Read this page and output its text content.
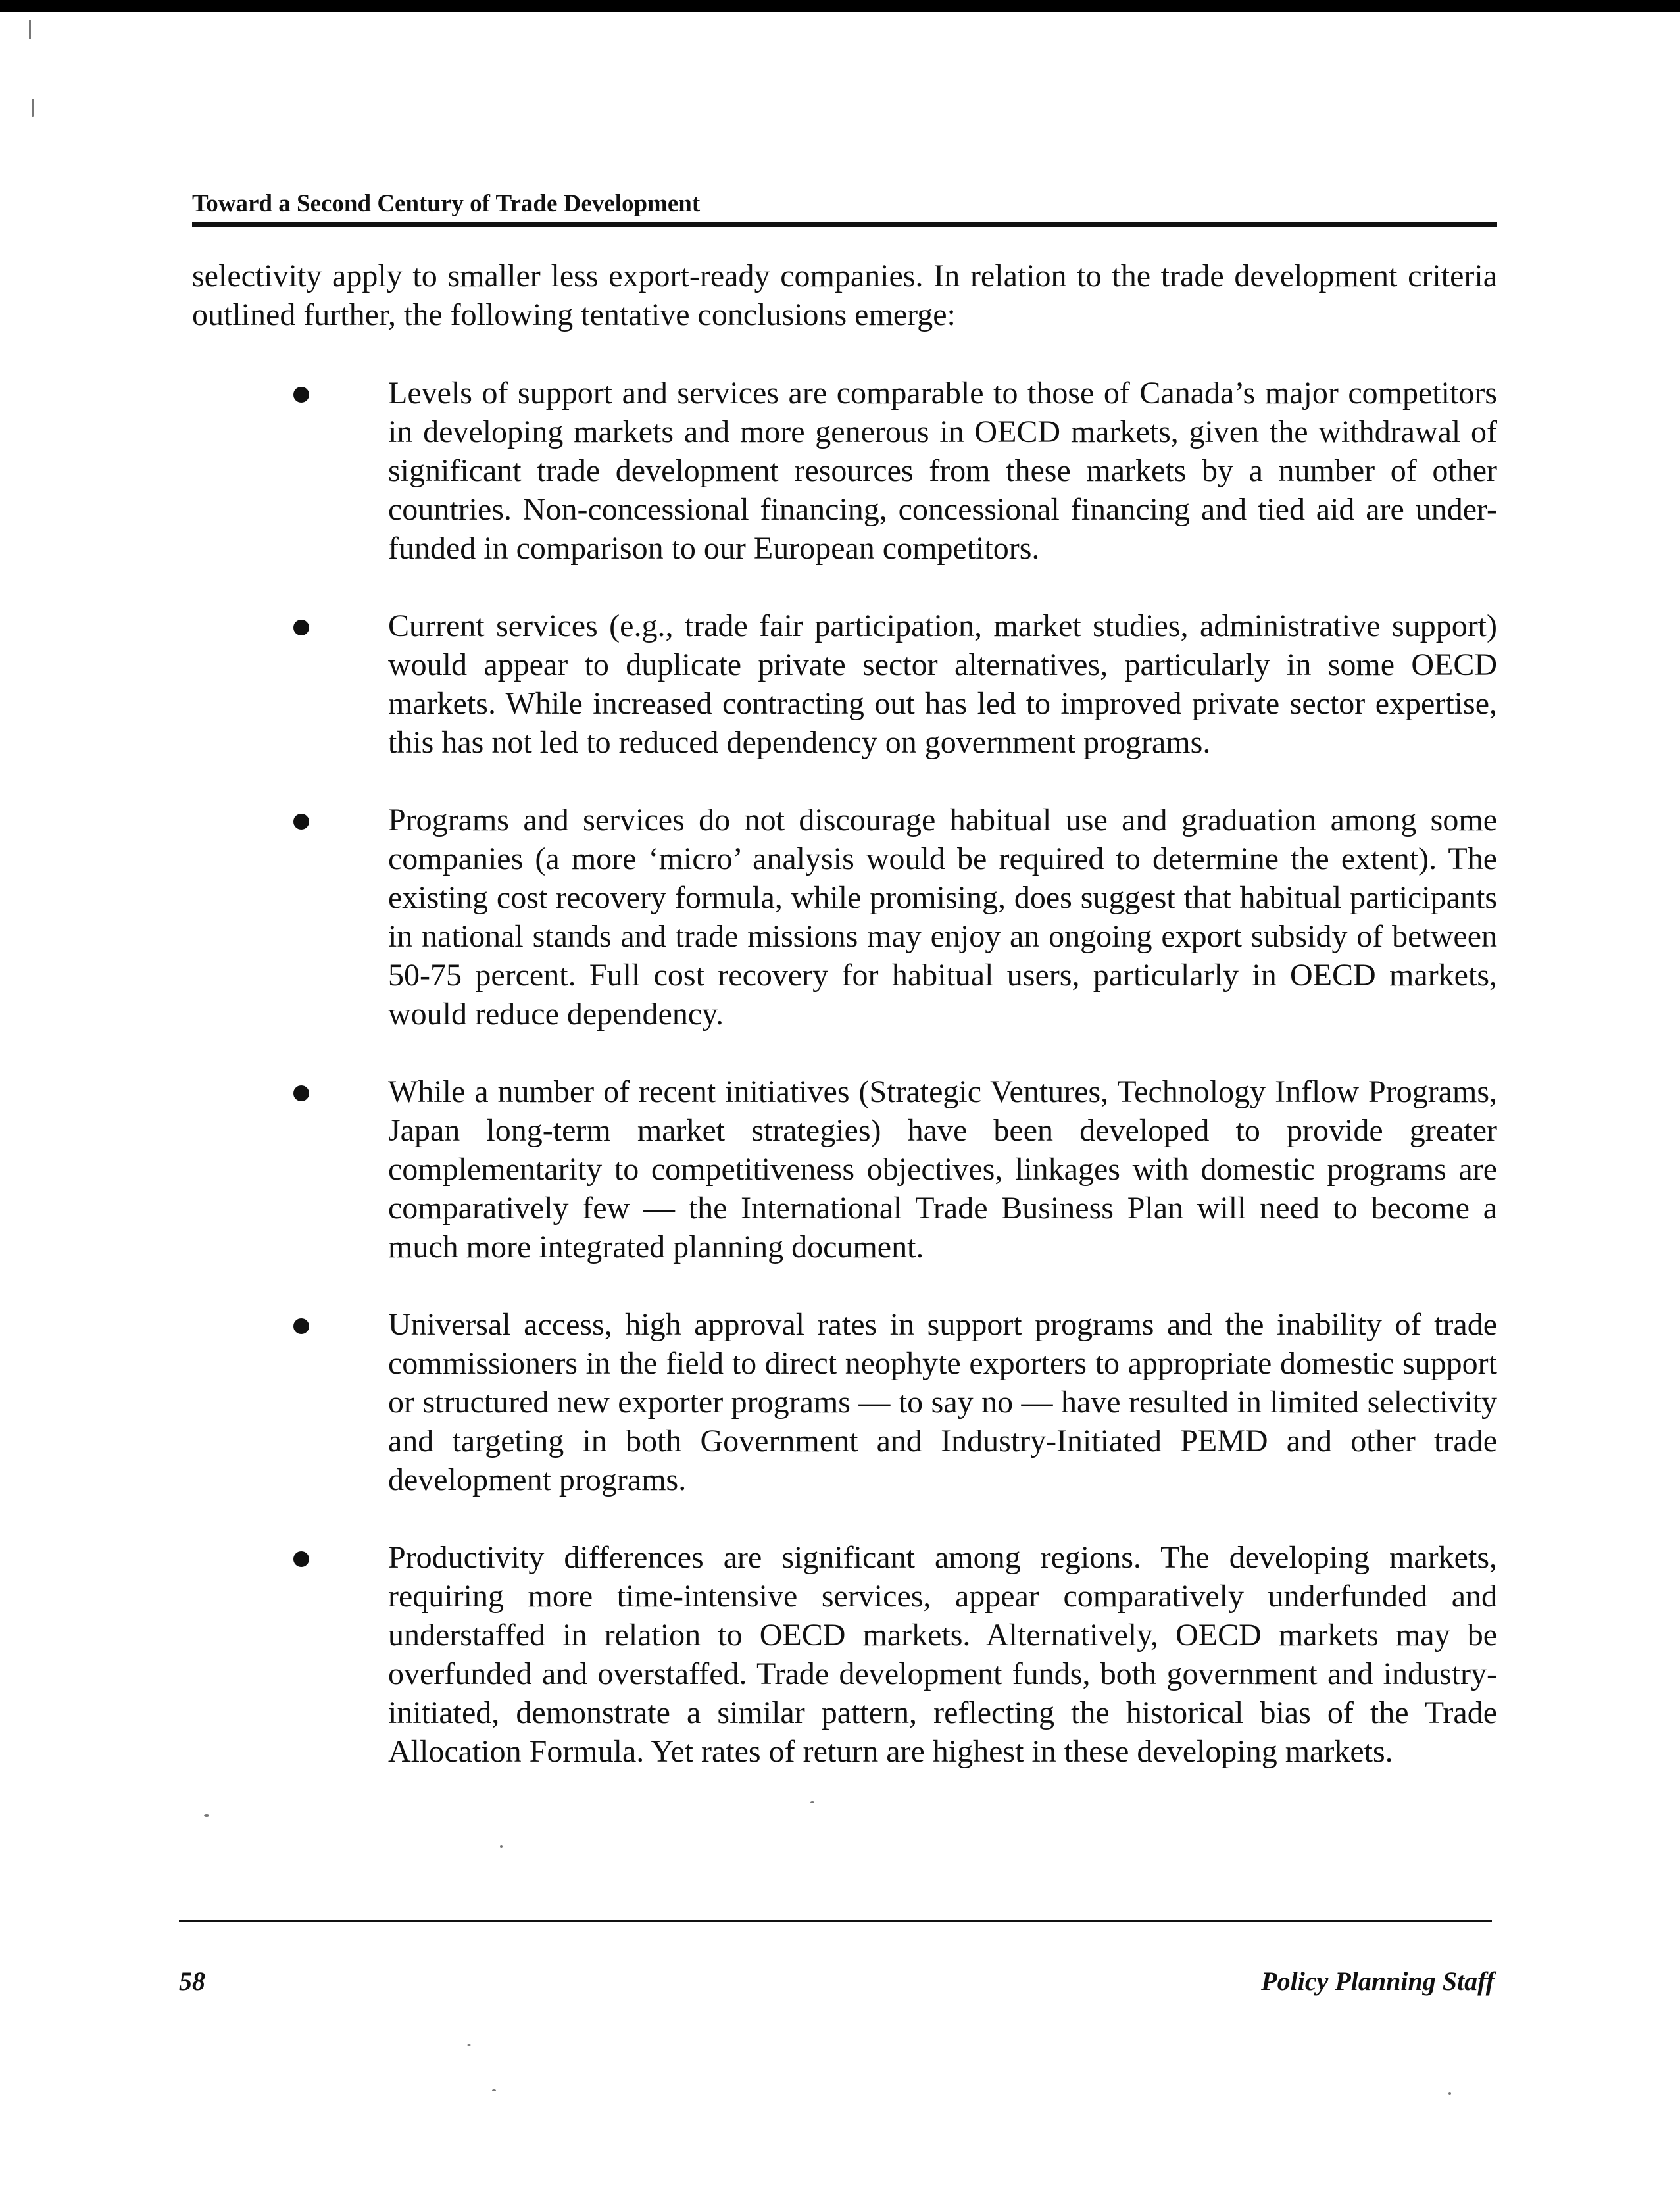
Toward a Second Century of Trade Development

selectivity apply to smaller less export-ready companies. In relation to the trade development criteria outlined further, the following tentative conclusions emerge:

Levels of support and services are comparable to those of Canada’s major competitors in developing markets and more generous in OECD markets, given the withdrawal of significant trade development resources from these markets by a number of other countries. Non-concessional financing, concessional financing and tied aid are under-funded in comparison to our European competitors.
Current services (e.g., trade fair participation, market studies, administrative support) would appear to duplicate private sector alternatives, particularly in some OECD markets. While increased contracting out has led to improved private sector expertise, this has not led to reduced dependency on government programs.
Programs and services do not discourage habitual use and graduation among some companies (a more ‘micro’ analysis would be required to determine the extent). The existing cost recovery formula, while promising, does suggest that habitual participants in national stands and trade missions may enjoy an ongoing export subsidy of between 50-75 percent. Full cost recovery for habitual users, particularly in OECD markets, would reduce dependency.
While a number of recent initiatives (Strategic Ventures, Technology Inflow Programs, Japan long-term market strategies) have been developed to provide greater complementarity to competitiveness objectives, linkages with domestic programs are comparatively few — the International Trade Business Plan will need to become a much more integrated planning document.
Universal access, high approval rates in support programs and the inability of trade commissioners in the field to direct neophyte exporters to appropriate domestic support or structured new exporter programs — to say no — have resulted in limited selectivity and targeting in both Government and Industry-Initiated PEMD and other trade development programs.
Productivity differences are significant among regions. The developing markets, requiring more time-intensive services, appear comparatively underfunded and understaffed in relation to OECD markets. Alternatively, OECD markets may be overfunded and overstaffed. Trade development funds, both government and industry-initiated, demonstrate a similar pattern, reflecting the historical bias of the Trade Allocation Formula. Yet rates of return are highest in these developing markets.
58	Policy Planning Staff
